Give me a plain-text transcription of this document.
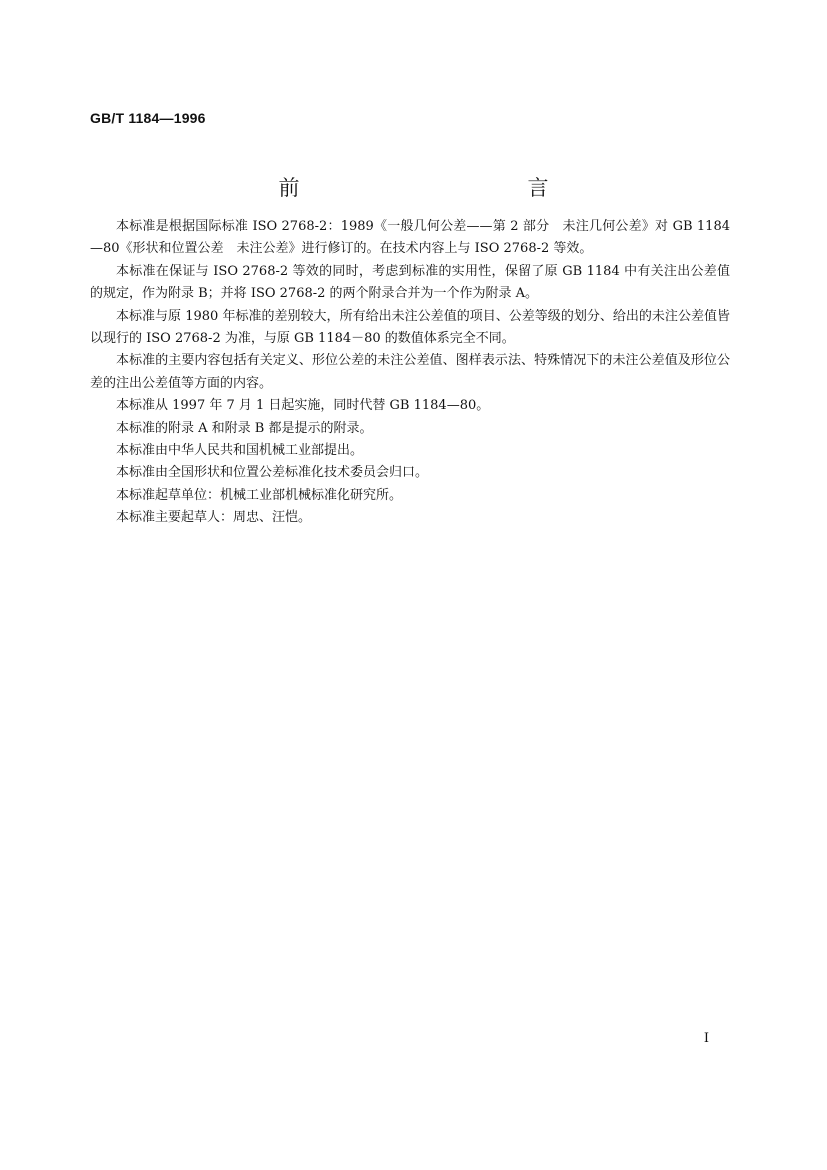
GB/T 1184—1996
前　　言

本标准是根据国际标准 ISO 2768-2：1989《一般几何公差——第 2 部分　未注几何公差》对 GB 1184—80《形状和位置公差　未注公差》进行修订的。在技术内容上与 ISO 2768-2 等效。

本标准在保证与 ISO 2768-2 等效的同时，考虑到标准的实用性，保留了原 GB 1184 中有关注出公差值的规定，作为附录 B；并将 ISO 2768-2 的两个附录合并为一个作为附录 A。

本标准与原 1980 年标准的差别较大，所有给出未注公差值的项目、公差等级的划分、给出的未注公差值皆以现行的 ISO 2768-2 为准，与原 GB 1184－80 的数值体系完全不同。

本标准的主要内容包括有关定义、形位公差的未注公差值、图样表示法、特殊情况下的未注公差值及形位公差的注出公差值等方面的内容。

本标准从 1997 年 7 月 1 日起实施，同时代替 GB 1184—80。

本标准的附录 A 和附录 B 都是提示的附录。

本标准由中华人民共和国机械工业部提出。

本标准由全国形状和位置公差标准化技术委员会归口。

本标准起草单位：机械工业部机械标准化研究所。

本标准主要起草人：周忠、汪恺。

I
